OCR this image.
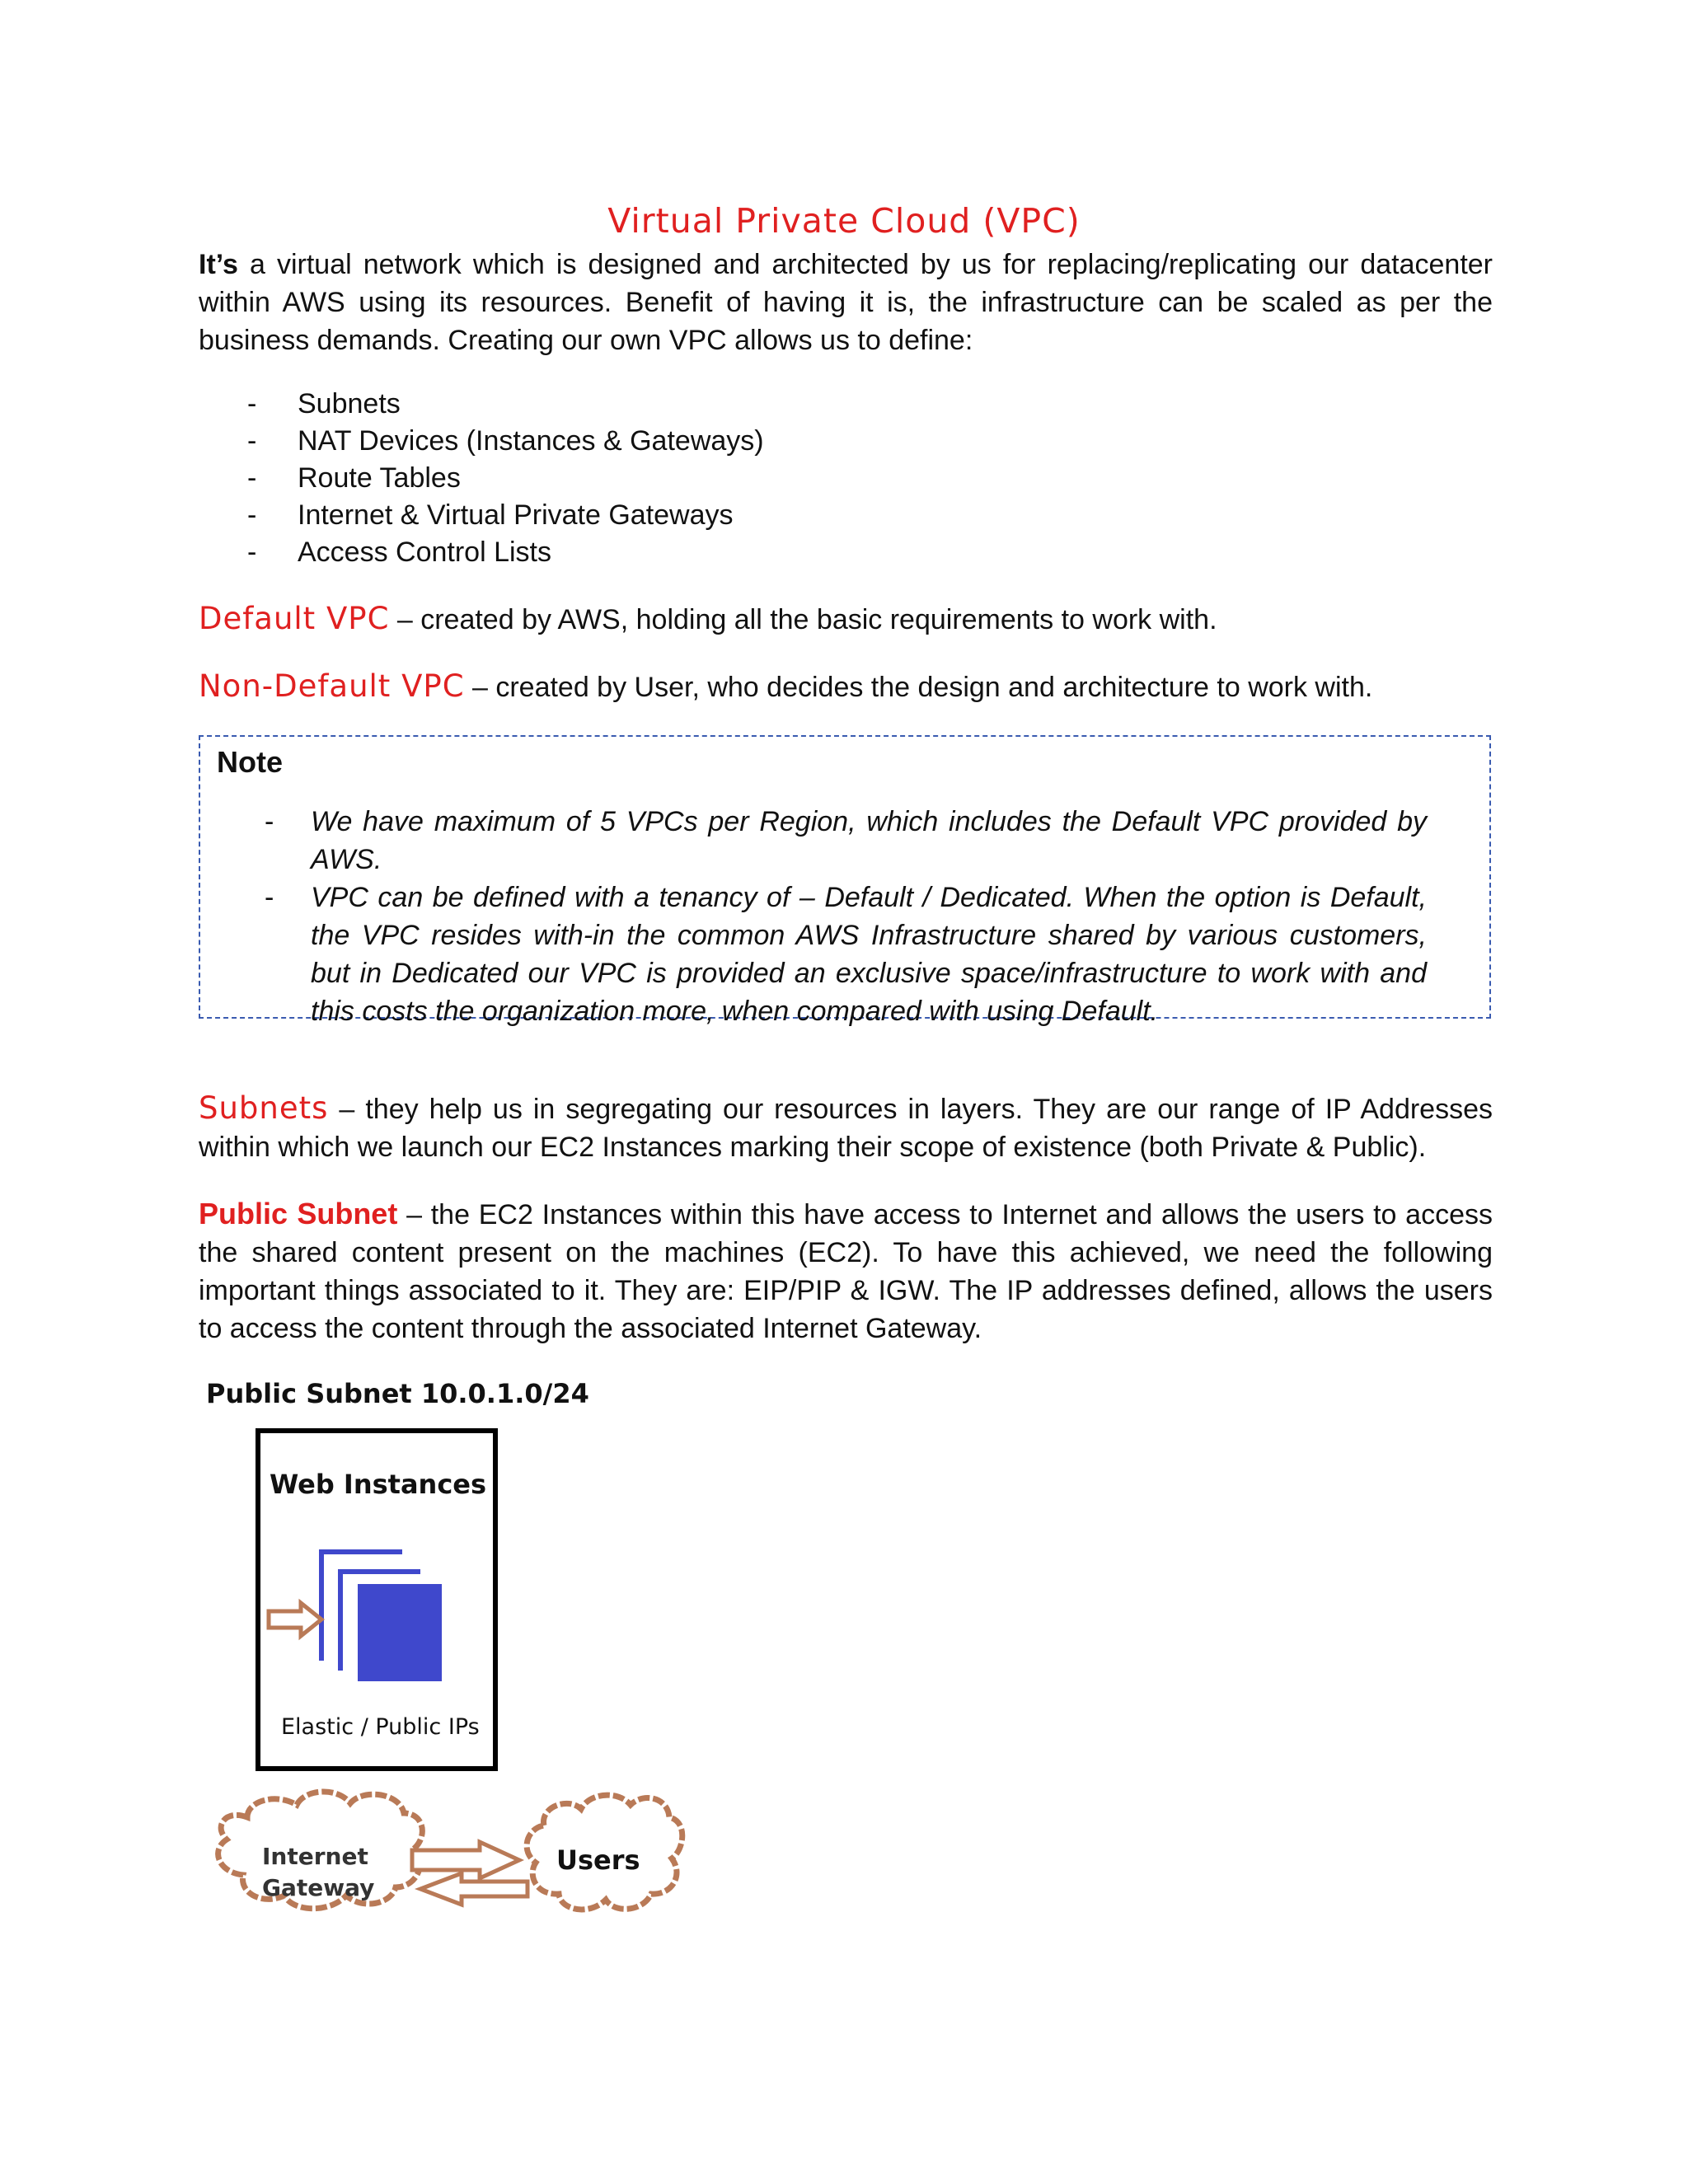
Virtual Private Cloud (VPC)
It’s a virtual network which is designed and architected by us for replacing/replicating our datacenter within AWS using its resources. Benefit of having it is, the infrastructure can be scaled as per the business demands. Creating our own VPC allows us to define:
- Subnets
- NAT Devices (Instances & Gateways)
- Route Tables
- Internet & Virtual Private Gateways
- Access Control Lists
Default VPC – created by AWS, holding all the basic requirements to work with.
Non-Default VPC – created by User, who decides the design and architecture to work with.
Note
- We have maximum of 5 VPCs per Region, which includes the Default VPC provided by AWS.
- VPC can be defined with a tenancy of – Default / Dedicated. When the option is Default, the VPC resides with-in the common AWS Infrastructure shared by various customers, but in Dedicated our VPC is provided an exclusive space/infrastructure to work with and this costs the organization more, when compared with using Default.
Subnets – they help us in segregating our resources in layers. They are our range of IP Addresses within which we launch our EC2 Instances marking their scope of existence (both Private & Public).
Public Subnet – the EC2 Instances within this have access to Internet and allows the users to access the shared content present on the machines (EC2). To have this achieved, we need the following important things associated to it. They are: EIP/PIP & IGW. The IP addresses defined, allows the users to access the content through the associated Internet Gateway.
Public Subnet 10.0.1.0/24
Web Instances
Elastic / Public IPs
Internet
Gateway
Users
